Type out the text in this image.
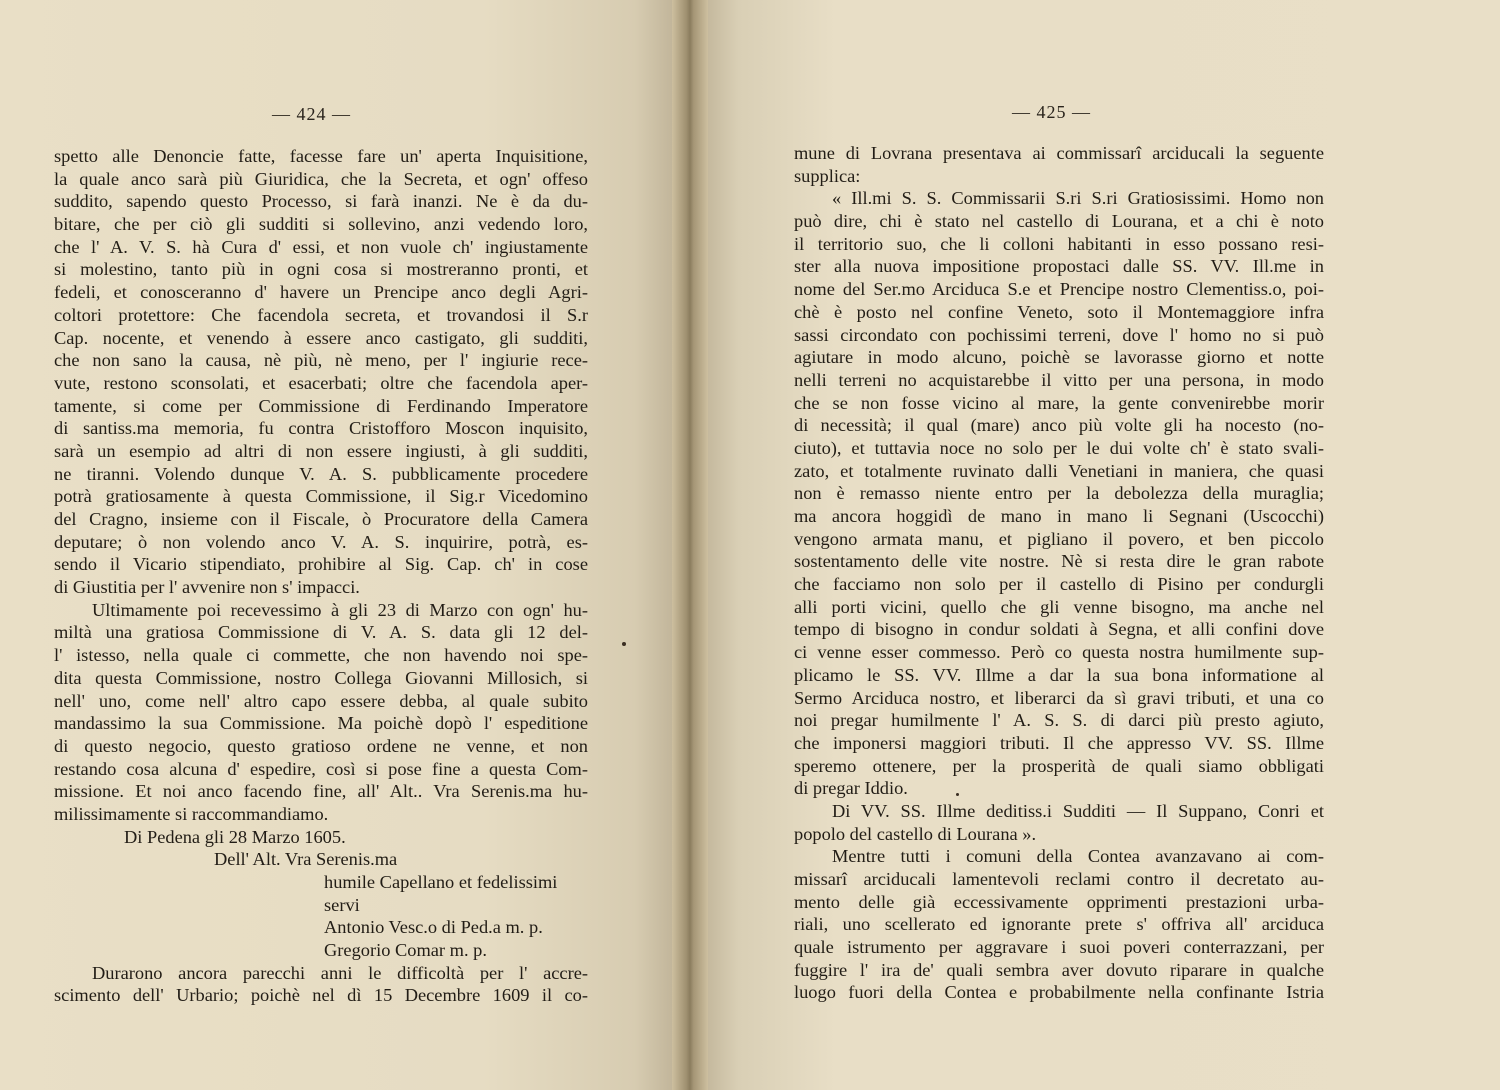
— 424 —
spetto alle Denoncie fatte, facesse fare un' aperta Inquisitione,
la quale anco sarà più Giuridica, che la Secreta, et ogn' offeso
suddito, sapendo questo Processo, si farà inanzi. Ne è da du-
bitare, che per ciò gli sudditi si sollevino, anzi vedendo loro,
che l' A. V. S. hà Cura d' essi, et non vuole ch' ingiustamente
si molestino, tanto più in ogni cosa si mostreranno pronti, et
fedeli, et conosceranno d' havere un Prencipe anco degli Agri-
coltori protettore: Che facendola secreta, et trovandosi il S.r
Cap. nocente, et venendo à essere anco castigato, gli sudditi,
che non sano la causa, nè più, nè meno, per l' ingiurie rece-
vute, restono sconsolati, et esacerbati; oltre che facendola aper-
tamente, si come per Commissione di Ferdinando Imperatore
di santiss.ma memoria, fu contra Cristofforo Moscon inquisito,
sarà un esempio ad altri di non essere ingiusti, à gli sudditi,
ne tiranni. Volendo dunque V. A. S. pubblicamente procedere
potrà gratiosamente à questa Commissione, il Sig.r Vicedomino
del Cragno, insieme con il Fiscale, ò Procuratore della Camera
deputare; ò non volendo anco V. A. S. inquirire, potrà, es-
sendo il Vicario stipendiato, prohibire al Sig. Cap. ch' in cose
di Giustitia per l' avvenire non s' impacci.
Ultimamente poi recevessimo à gli 23 di Marzo con ogn' hu-
miltà una gratiosa Commissione di V. A. S. data gli 12 del-
l' istesso, nella quale ci commette, che non havendo noi spe-
dita questa Commissione, nostro Collega Giovanni Millosich, si
nell' uno, come nell' altro capo essere debba, al quale subito
mandassimo la sua Commissione. Ma poichè dopò l' espeditione
di questo negocio, questo gratioso ordene ne venne, et non
restando cosa alcuna d' espedire, così si pose fine a questa Com-
missione. Et noi anco facendo fine, all' Alt.. Vra Serenis.ma hu-
milissimamente si raccommandiamo.
Di Pedena gli 28 Marzo 1605.
Dell' Alt. Vra Serenis.ma
humile Capellano et fedelissimi
servi
Antonio Vesc.o di Ped.a m. p.
Gregorio Comar m. p.
Durarono ancora parecchi anni le difficoltà per l' accre-
scimento dell' Urbario; poichè nel dì 15 Decembre 1609 il co-
— 425 —
mune di Lovrana presentava ai commissarî arciducali la seguente
supplica:
« Ill.mi S. S. Commissarii S.ri S.ri Gratiosissimi. Homo non
può dire, chi è stato nel castello di Lourana, et a chi è noto
il territorio suo, che li colloni habitanti in esso possano resi-
ster alla nuova impositione propostaci dalle SS. VV. Ill.me in
nome del Ser.mo Arciduca S.e et Prencipe nostro Clementiss.o, poi-
chè è posto nel confine Veneto, soto il Montemaggiore infra
sassi circondato con pochissimi terreni, dove l' homo no si può
agiutare in modo alcuno, poichè se lavorasse giorno et notte
nelli terreni no acquistarebbe il vitto per una persona, in modo
che se non fosse vicino al mare, la gente convenirebbe morir
di necessità; il qual (mare) anco più volte gli ha nocesto (no-
ciuto), et tuttavia noce no solo per le dui volte ch' è stato svali-
zato, et totalmente ruvinato dalli Venetiani in maniera, che quasi
non è remasso niente entro per la debolezza della muraglia;
ma ancora hoggidì de mano in mano li Segnani (Uscocchi)
vengono armata manu, et pigliano il povero, et ben piccolo
sostentamento delle vite nostre. Nè si resta dire le gran rabote
che facciamo non solo per il castello di Pisino per condurgli
alli porti vicini, quello che gli venne bisogno, ma anche nel
tempo di bisogno in condur soldati à Segna, et alli confini dove
ci venne esser commesso. Però co questa nostra humilmente sup-
plicamo le SS. VV. Illme a dar la sua bona informatione al
Sermo Arciduca nostro, et liberarci da sì gravi tributi, et una co
noi pregar humilmente l' A. S. S. di darci più presto agiuto,
che imponersi maggiori tributi. Il che appresso VV. SS. Illme
speremo ottenere, per la prosperità de quali siamo obbligati
di pregar Iddio.
Di VV. SS. Illme deditiss.i Sudditi — Il Suppano, Conri et
popolo del castello di Lourana ».
Mentre tutti i comuni della Contea avanzavano ai com-
missarî arciducali lamentevoli reclami contro il decretato au-
mento delle già eccessivamente opprimenti prestazioni urba-
riali, uno scellerato ed ignorante prete s' offriva all' arciduca
quale istrumento per aggravare i suoi poveri conterrazzani, per
fuggire l' ira de' quali sembra aver dovuto riparare in qualche
luogo fuori della Contea e probabilmente nella confinante Istria
